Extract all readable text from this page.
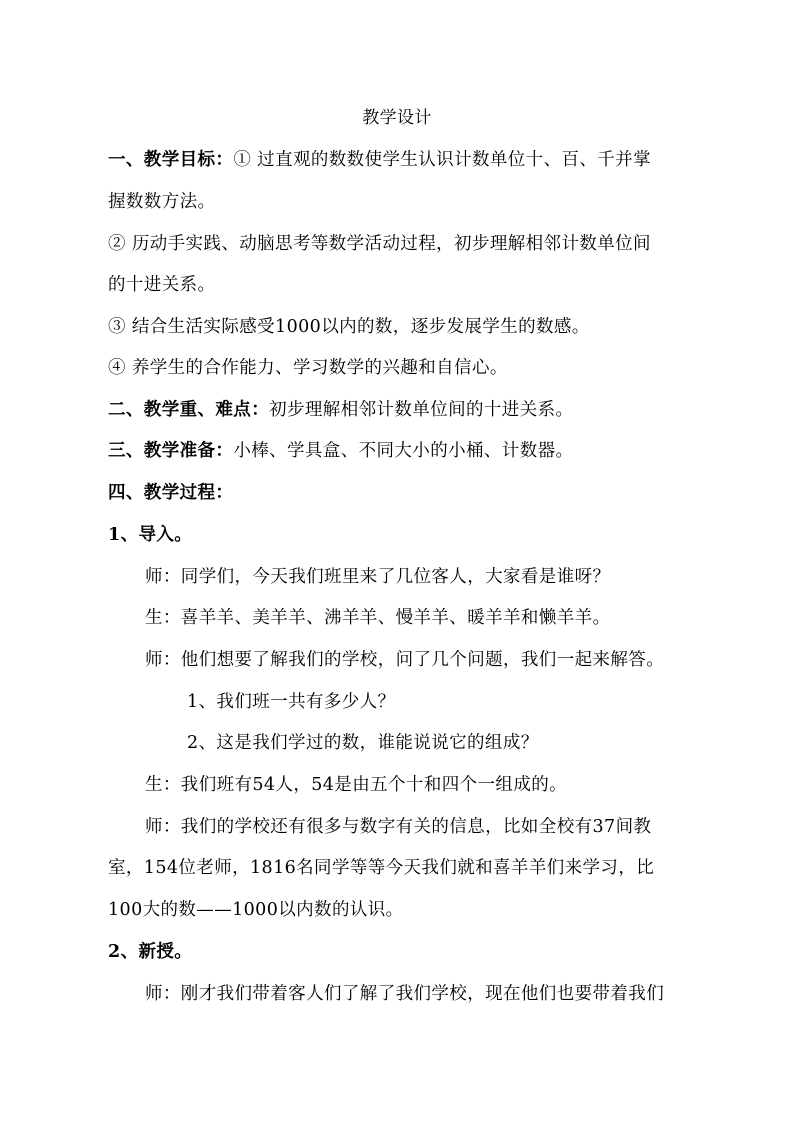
教学设计
一、教学目标：① 过直观的数数使学生认识计数单位十、百、千并掌
握数数方法。
② 历动手实践、动脑思考等数学活动过程，初步理解相邻计数单位间
的十进关系。
③ 结合生活实际感受1000以内的数，逐步发展学生的数感。
④ 养学生的合作能力、学习数学的兴趣和自信心。
二、教学重、难点：初步理解相邻计数单位间的十进关系。
三、教学准备：小棒、学具盒、不同大小的小桶、计数器。
四、教学过程：
1、导入。
师：同学们，今天我们班里来了几位客人，大家看是谁呀？
生：喜羊羊、美羊羊、沸羊羊、慢羊羊、暖羊羊和懒羊羊。
师：他们想要了解我们的学校，问了几个问题，我们一起来解答。
1、我们班一共有多少人？
2、这是我们学过的数，谁能说说它的组成？
生：我们班有54人，54是由五个十和四个一组成的。
师：我们的学校还有很多与数字有关的信息，比如全校有37间教
室，154位老师，1816名同学等等今天我们就和喜羊羊们来学习，比
100大的数——1000以内数的认识。
2、新授。
师：刚才我们带着客人们了解了我们学校，现在他们也要带着我们
